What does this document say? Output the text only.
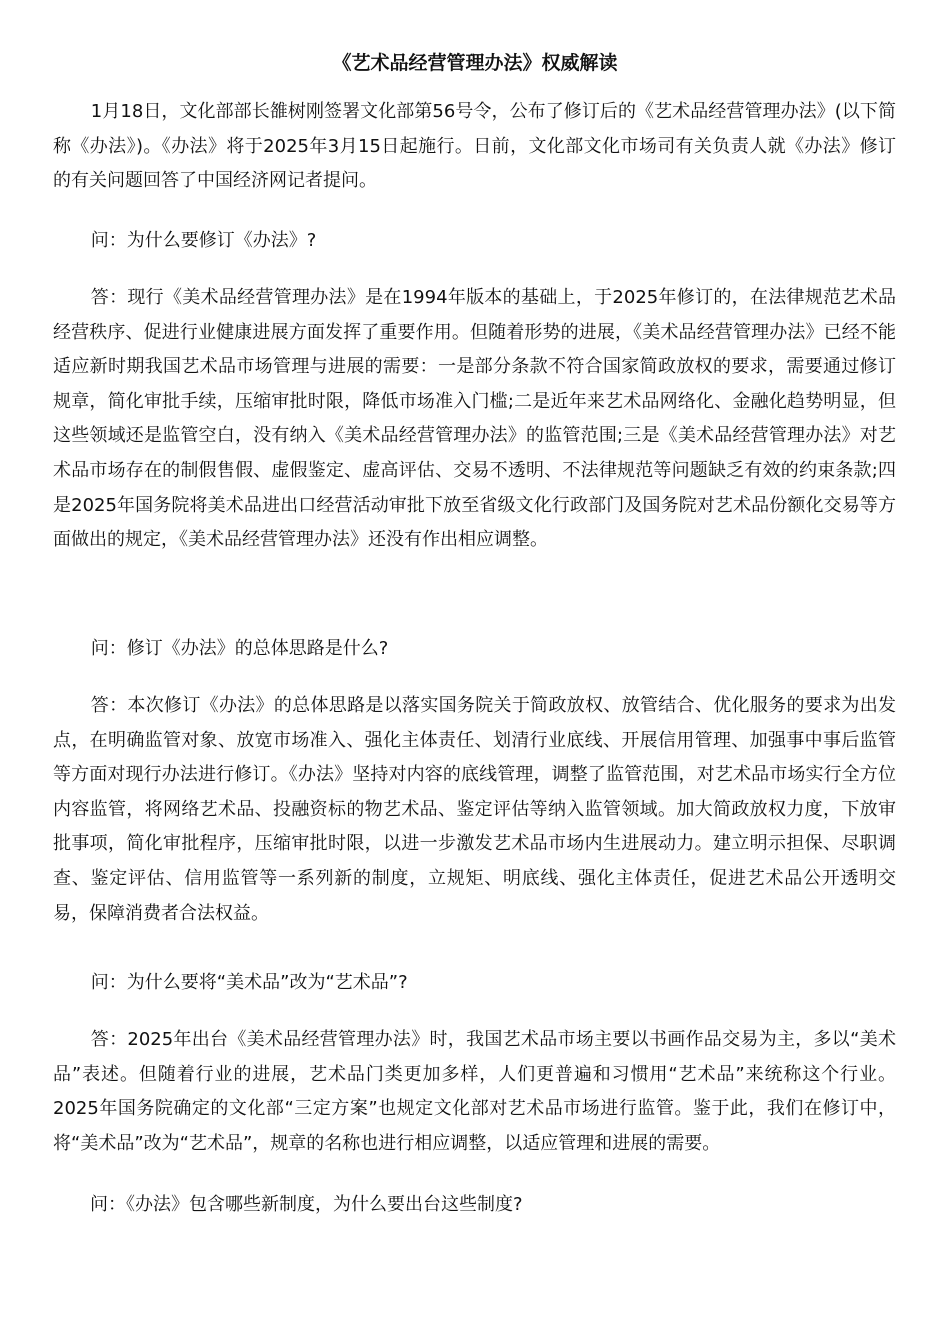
《艺术品经营管理办法》权威解读

1月18日，文化部部长雒树刚签署文化部第56号令，公布了修订后的《艺术品经营管理办法》(以下简称《办法》)。《办法》将于2025年3月15日起施行。日前，文化部文化市场司有关负责人就《办法》修订的有关问题回答了中国经济网记者提问。

问：为什么要修订《办法》?

答：现行《美术品经营管理办法》是在1994年版本的基础上，于2025年修订的，在法律规范艺术品经营秩序、促进行业健康进展方面发挥了重要作用。但随着形势的进展，《美术品经营管理办法》已经不能适应新时期我国艺术品市场管理与进展的需要：一是部分条款不符合国家简政放权的要求，需要通过修订规章，简化审批手续，压缩审批时限，降低市场准入门槛;二是近年来艺术品网络化、金融化趋势明显，但这些领域还是监管空白，没有纳入《美术品经营管理办法》的监管范围;三是《美术品经营管理办法》对艺术品市场存在的制假售假、虚假鉴定、虚高评估、交易不透明、不法律规范等问题缺乏有效的约束条款;四是2025年国务院将美术品进出口经营活动审批下放至省级文化行政部门及国务院对艺术品份额化交易等方面做出的规定，《美术品经营管理办法》还没有作出相应调整。

问：修订《办法》的总体思路是什么?

答：本次修订《办法》的总体思路是以落实国务院关于简政放权、放管结合、优化服务的要求为出发点，在明确监管对象、放宽市场准入、强化主体责任、划清行业底线、开展信用管理、加强事中事后监管等方面对现行办法进行修订。《办法》坚持对内容的底线管理，调整了监管范围，对艺术品市场实行全方位内容监管，将网络艺术品、投融资标的物艺术品、鉴定评估等纳入监管领域。加大简政放权力度，下放审批事项，简化审批程序，压缩审批时限，以进一步激发艺术品市场内生进展动力。建立明示担保、尽职调查、鉴定评估、信用监管等一系列新的制度，立规矩、明底线、强化主体责任，促进艺术品公开透明交易，保障消费者合法权益。

问：为什么要将“美术品”改为“艺术品”?

答：2025年出台《美术品经营管理办法》时，我国艺术品市场主要以书画作品交易为主，多以“美术品”表述。但随着行业的进展，艺术品门类更加多样，人们更普遍和习惯用“艺术品”来统称这个行业。2025年国务院确定的文化部“三定方案”也规定文化部对艺术品市场进行监管。鉴于此，我们在修订中，将“美术品”改为“艺术品”，规章的名称也进行相应调整，以适应管理和进展的需要。

问：《办法》包含哪些新制度，为什么要出台这些制度?
